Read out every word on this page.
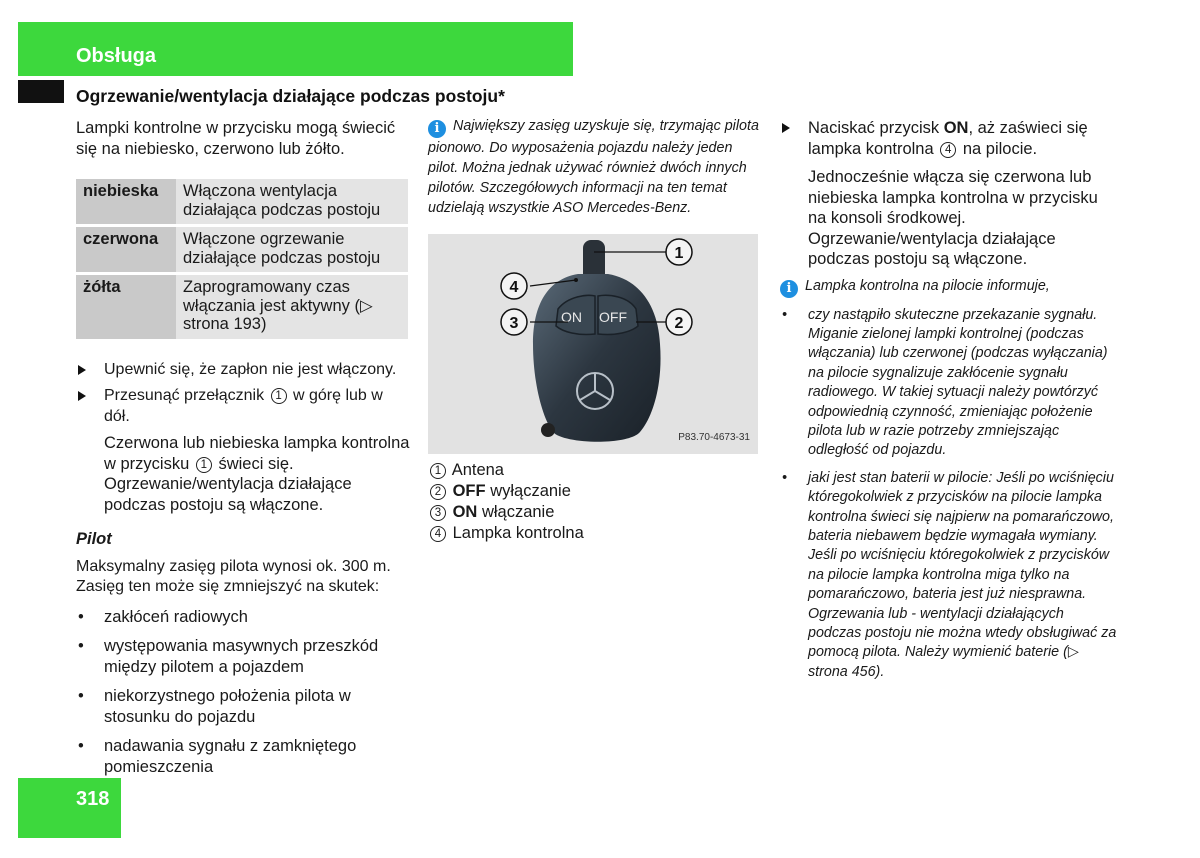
Obsługa
Ogrzewanie/wentylacja działające podczas postoju*

Lampki kontrolne w przycisku mogą świecić się na niebiesko, czerwono lub żółto.

niebieska	Włączona wentylacja działająca podczas postoju
czerwona	Włączone ogrzewanie działające podczas postoju
żółta	Zaprogramowany czas włączania jest aktywny (▷ strona 193)

Upewnić się, że zapłon nie jest włączony.

Przesunąć przełącznik 1 w górę lub w dół.

Czerwona lub niebieska lampka kontrolna w przycisku 1 świeci się. Ogrzewanie/wentylacja działające podczas postoju są włączone.

Pilot

Maksymalny zasięg pilota wynosi ok. 300 m. Zasięg ten może się zmniejszyć na skutek:

• zakłóceń radiowych

• występowania masywnych przeszkód między pilotem a pojazdem

• niekorzystnego położenia pilota w stosunku do pojazdu

• nadawania sygnału z zamkniętego pomieszczenia

i Największy zasięg uzyskuje się, trzymając pilota pionowo. Do wyposażenia pojazdu należy jeden pilot. Można jednak używać również dwóch innych pilotów. Szczegółowych informacji na ten temat udzielają wszystkie ASO Mercedes-Benz.

ON OFF
1
2
3
4
P83.70-4673-31

1 Antena

2 OFF wyłączanie

3 ON włączanie

4 Lampka kontrolna

Naciskać przycisk ON, aż zaświeci się lampka kontrolna 4 na pilocie.

Jednocześnie włącza się czerwona lub niebieska lampka kontrolna w przycisku na konsoli środkowej. Ogrzewanie/wentylacja działające podczas postoju są włączone.

i Lampka kontrolna na pilocie informuje,

• czy nastąpiło skuteczne przekazanie sygnału. Miganie zielonej lampki kontrolnej (podczas włączania) lub czerwonej (podczas wyłączania) na pilocie sygnalizuje zakłócenie sygnału radiowego. W takiej sytuacji należy powtórzyć odpowiednią czynność, zmieniając położenie pilota lub w razie potrzeby zmniejszając odległość od pojazdu.

• jaki jest stan baterii w pilocie: Jeśli po wciśnięciu któregokolwiek z przycisków na pilocie lampka kontrolna świeci się najpierw na pomarańczowo, bateria niebawem będzie wymagała wymiany. Jeśli po wciśnięciu któregokolwiek z przycisków na pilocie lampka kontrolna miga tylko na pomarańczowo, bateria jest już niesprawna. Ogrzewania lub - wentylacji działających podczas postoju nie można wtedy obsługiwać za pomocą pilota. Należy wymienić baterie (▷ strona 456).

318
